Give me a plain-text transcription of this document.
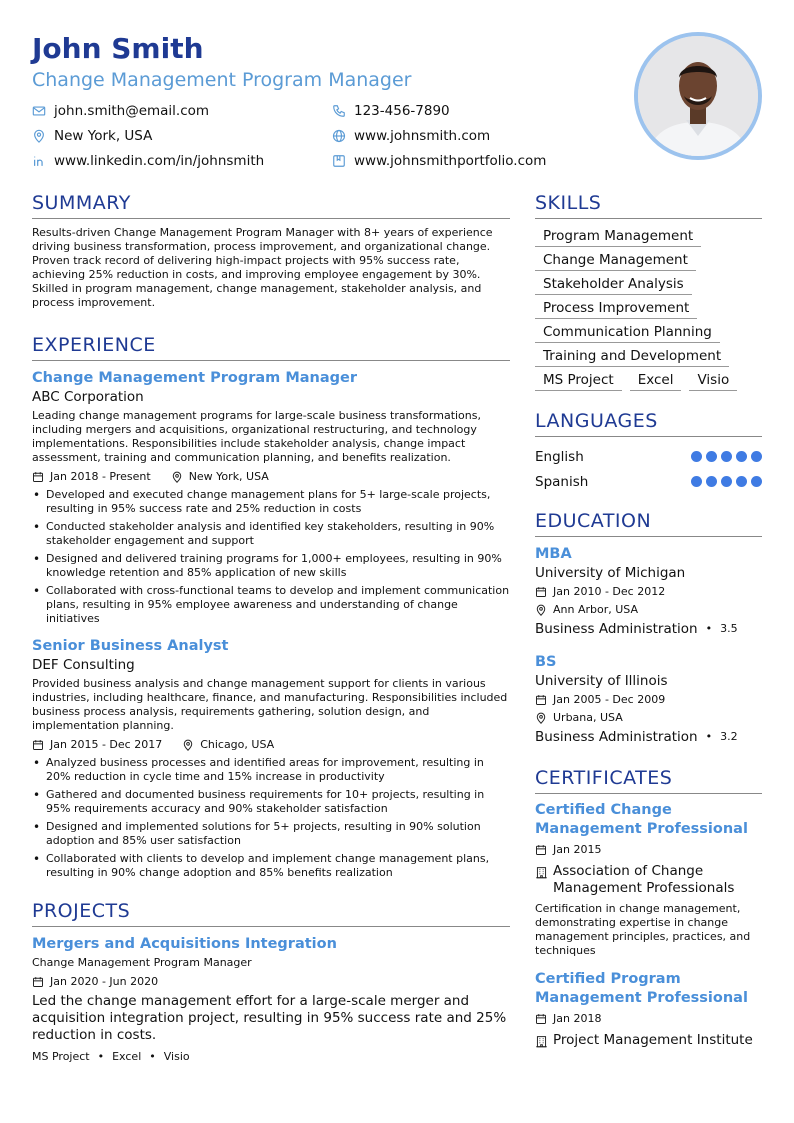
John Smith
Change Management Program Manager
john.smith@email.com	123-456-7890
New York, USA	www.johnsmith.com
www.linkedin.com/in/johnsmith	www.johnsmithportfolio.com
SUMMARY
Results-driven Change Management Program Manager with 8+ years of experience driving business transformation, process improvement, and organizational change. Proven track record of delivering high-impact projects with 95% success rate, achieving 25% reduction in costs, and improving employee engagement by 30%. Skilled in program management, change management, stakeholder analysis, and process improvement.
EXPERIENCE
Change Management Program Manager
ABC Corporation
Leading change management programs for large-scale business transformations, including mergers and acquisitions, organizational restructuring, and technology implementations. Responsibilities include stakeholder analysis, change impact assessment, training and communication planning, and benefits realization.
Jan 2018 - Present	New York, USA
• Developed and executed change management plans for 5+ large-scale projects, resulting in 95% success rate and 25% reduction in costs
• Conducted stakeholder analysis and identified key stakeholders, resulting in 90% stakeholder engagement and support
• Designed and delivered training programs for 1,000+ employees, resulting in 90% knowledge retention and 85% application of new skills
• Collaborated with cross-functional teams to develop and implement communication plans, resulting in 95% employee awareness and understanding of change initiatives
Senior Business Analyst
DEF Consulting
Provided business analysis and change management support for clients in various industries, including healthcare, finance, and manufacturing. Responsibilities included business process analysis, requirements gathering, solution design, and implementation planning.
Jan 2015 - Dec 2017	Chicago, USA
• Analyzed business processes and identified areas for improvement, resulting in 20% reduction in cycle time and 15% increase in productivity
• Gathered and documented business requirements for 10+ projects, resulting in 95% requirements accuracy and 90% stakeholder satisfaction
• Designed and implemented solutions for 5+ projects, resulting in 90% solution adoption and 85% user satisfaction
• Collaborated with clients to develop and implement change management plans, resulting in 90% change adoption and 85% benefits realization
PROJECTS
Mergers and Acquisitions Integration
Change Management Program Manager
Jan 2020 - Jun 2020
Led the change management effort for a large-scale merger and acquisition integration project, resulting in 95% success rate and 25% reduction in costs.
MS Project • Excel • Visio
SKILLS
Program Management
Change Management
Stakeholder Analysis
Process Improvement
Communication Planning
Training and Development
MS Project	Excel	Visio
LANGUAGES
English
Spanish
EDUCATION
MBA
University of Michigan
Jan 2010 - Dec 2012
Ann Arbor, USA
Business Administration • 3.5
BS
University of Illinois
Jan 2005 - Dec 2009
Urbana, USA
Business Administration • 3.2
CERTIFICATES
Certified Change Management Professional
Jan 2015
Association of Change Management Professionals
Certification in change management, demonstrating expertise in change management principles, practices, and techniques
Certified Program Management Professional
Jan 2018
Project Management Institute
